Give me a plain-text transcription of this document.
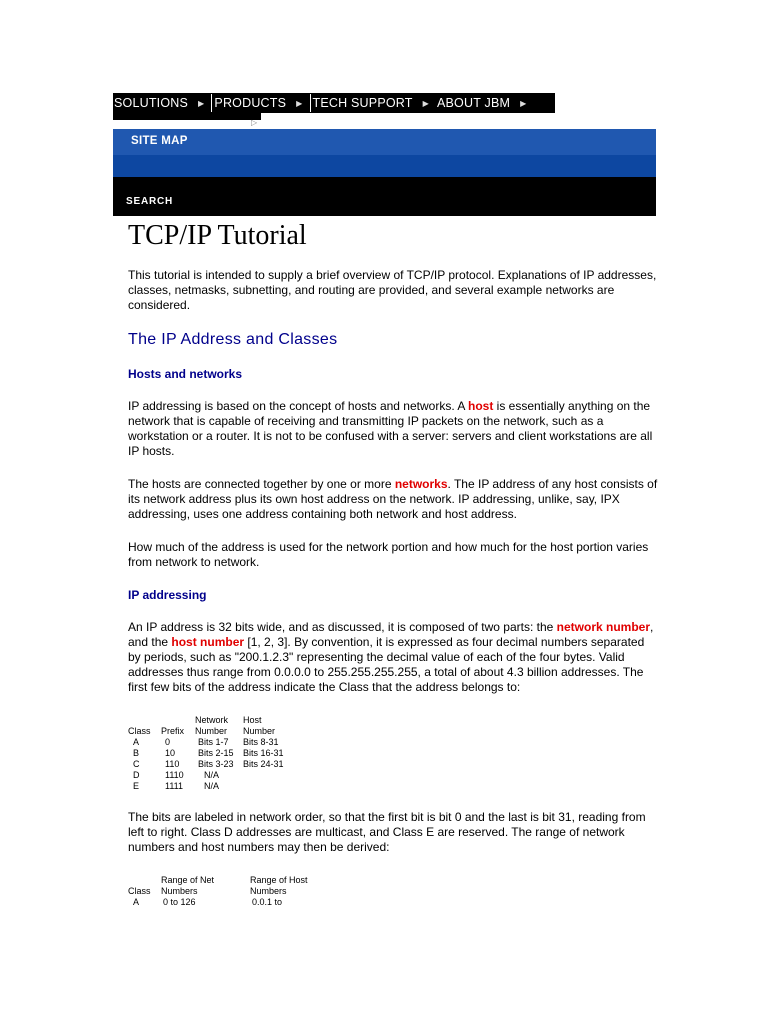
SOLUTIONS ▶ PRODUCTS ▶ TECH SUPPORT ▶ ABOUT JBM ▶
▷
SITE MAP
SEARCH
TCP/IP Tutorial

This tutorial is intended to supply a brief overview of TCP/IP protocol. Explanations of IP addresses, classes, netmasks, subnetting, and routing are provided, and several example networks are considered.

The IP Address and Classes
Hosts and networks

IP addressing is based on the concept of hosts and networks. A host is essentially anything on the network that is capable of receiving and transmitting IP packets on the network, such as a workstation or a router. It is not to be confused with a server: servers and client workstations are all IP hosts.

The hosts are connected together by one or more networks. The IP address of any host consists of its network address plus its own host address on the network. IP addressing, unlike, say, IPX addressing, uses one address containing both network and host address.

How much of the address is used for the network portion and how much for the host portion varies from network to network.

IP addressing

An IP address is 32 bits wide, and as discussed, it is composed of two parts: the network number, and the host number [1, 2, 3]. By convention, it is expressed as four decimal numbers separated by periods, such as "200.1.2.3" representing the decimal value of each of the four bytes. Valid addresses thus range from 0.0.0.0 to 255.255.255.255, a total of about 4.3 billion addresses. The first few bits of the address indicate the Class that the address belongs to:

Class	Prefix	Network Number	Host Number
A	0	Bits 1-7	Bits 8-31
B	10	Bits 2-15	Bits 16-31
C	110	Bits 3-23	Bits 24-31
D	1110	N/A	
E	1111	N/A	

The bits are labeled in network order, so that the first bit is bit 0 and the last is bit 31, reading from left to right. Class D addresses are multicast, and Class E are reserved. The range of network numbers and host numbers may then be derived:

Class	Range of Net Numbers	Range of Host Numbers
A	0 to 126	0.0.1 to
